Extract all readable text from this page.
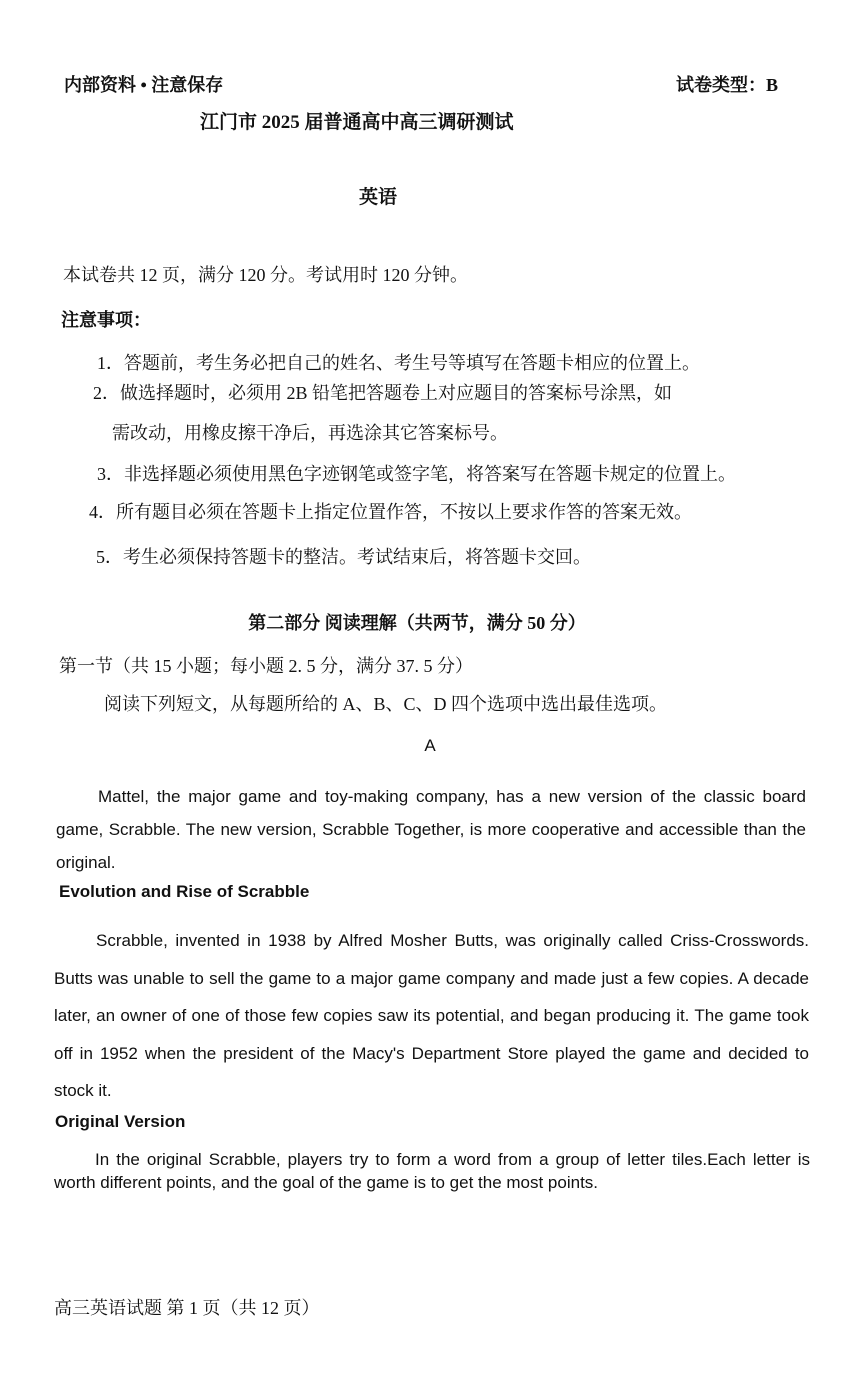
内部资料 • 注意保存	试卷类型：B
江门市 2025 届普通高中高三调研测试
英语
本试卷共 12 页，满分 120 分。考试用时 120 分钟。
注意事项：
1．答题前，考生务必把自己的姓名、考生号等填写在答题卡相应的位置上。
2．做选择题时，必须用 2B 铅笔把答题卷上对应题目的答案标号涂黑，如
需改动，用橡皮擦干净后，再选涂其它答案标号。
3．非选择题必须使用黑色字迹钢笔或签字笔，将答案写在答题卡规定的位置上。
4．所有题目必须在答题卡上指定位置作答，不按以上要求作答的答案无效。
5．考生必须保持答题卡的整洁。考试结束后，将答题卡交回。
第二部分 阅读理解（共两节，满分 50 分）
第一节（共 15 小题；每小题 2. 5 分，满分 37. 5 分）
阅读下列短文，从每题所给的 A、B、C、D 四个选项中选出最佳选项。
A

Mattel, the major game and toy-making company, has a new version of the classic board game, Scrabble. The new version, Scrabble Together, is more cooperative and accessible than the original.

Evolution and Rise of Scrabble

Scrabble, invented in 1938 by Alfred Mosher Butts, was originally called Criss-Crosswords. Butts was unable to sell the game to a major game company and made just a few copies. A decade later, an owner of one of those few copies saw its potential, and began producing it. The game took off in 1952 when the president of the Macy's Department Store played the game and decided to stock it.

Original Version

In the original Scrabble, players try to form a word from a group of letter tiles.Each letter is worth different points, and the goal of the game is to get the most points.

高三英语试题 第 1 页（共 12 页）
